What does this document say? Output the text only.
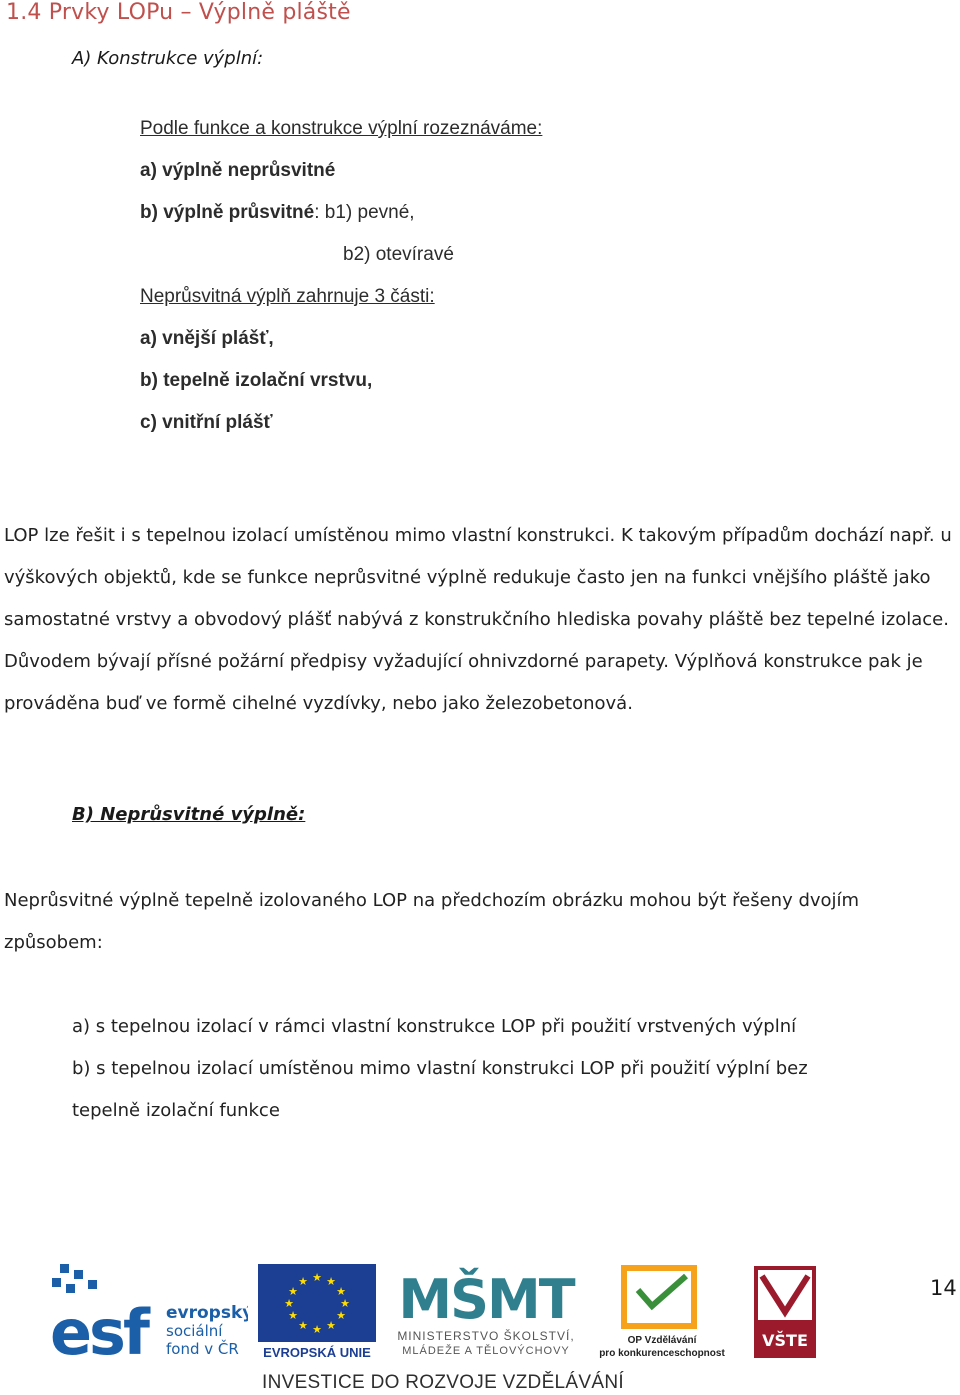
1.4 Prvky LOPu – Výplně pláště
A) Konstrukce výplní:
Podle funkce a konstrukce výplní rozeznáváme:
a) výplně neprůsvitné
b) výplně průsvitné: b1) pevné,
b2) otevíravé
Neprůsvitná výplň zahrnuje 3 části:
a) vnější plášť,
b) tepelně izolační vrstvu,
c) vnitřní plášť
LOP lze řešit i s tepelnou izolací umístěnou mimo vlastní konstrukci. K takovým případům dochází např. u výškových objektů, kde se funkce neprůsvitné výplně redukuje často jen na funkci vnějšího pláště jako samostatné vrstvy a obvodový plášť nabývá z konstrukčního hlediska povahy pláště bez tepelné izolace. Důvodem bývají přísné požární předpisy vyžadující ohnivzdorné parapety. Výplňová konstrukce pak je prováděna buď ve formě cihelné vyzdívky, nebo jako železobetonová.
B) Neprůsvitné výplně:
Neprůsvitné výplně tepelně izolovaného LOP na předchozím obrázku mohou být řešeny dvojím způsobem:
a) s tepelnou izolací v rámci vlastní konstrukce LOP při použití vrstvených výplní
b) s tepelnou izolací umístěnou mimo vlastní konstrukci LOP při použití výplní bez tepelně izolační funkce
14
esf evropský
sociální
fond v ČR
★ ★
★
★
★
★
★
★
★
★
★
★
EVROPSKÁ UNIE
MŠMT
MINISTERSTVO ŠKOLSTVÍ,
MLÁDEŽE A TĚLOVÝCHOVY
OP Vzdělávání
pro konkurenceschopnost
VŠTE
INVESTICE DO ROZVOJE VZDĚLÁVÁNÍ
